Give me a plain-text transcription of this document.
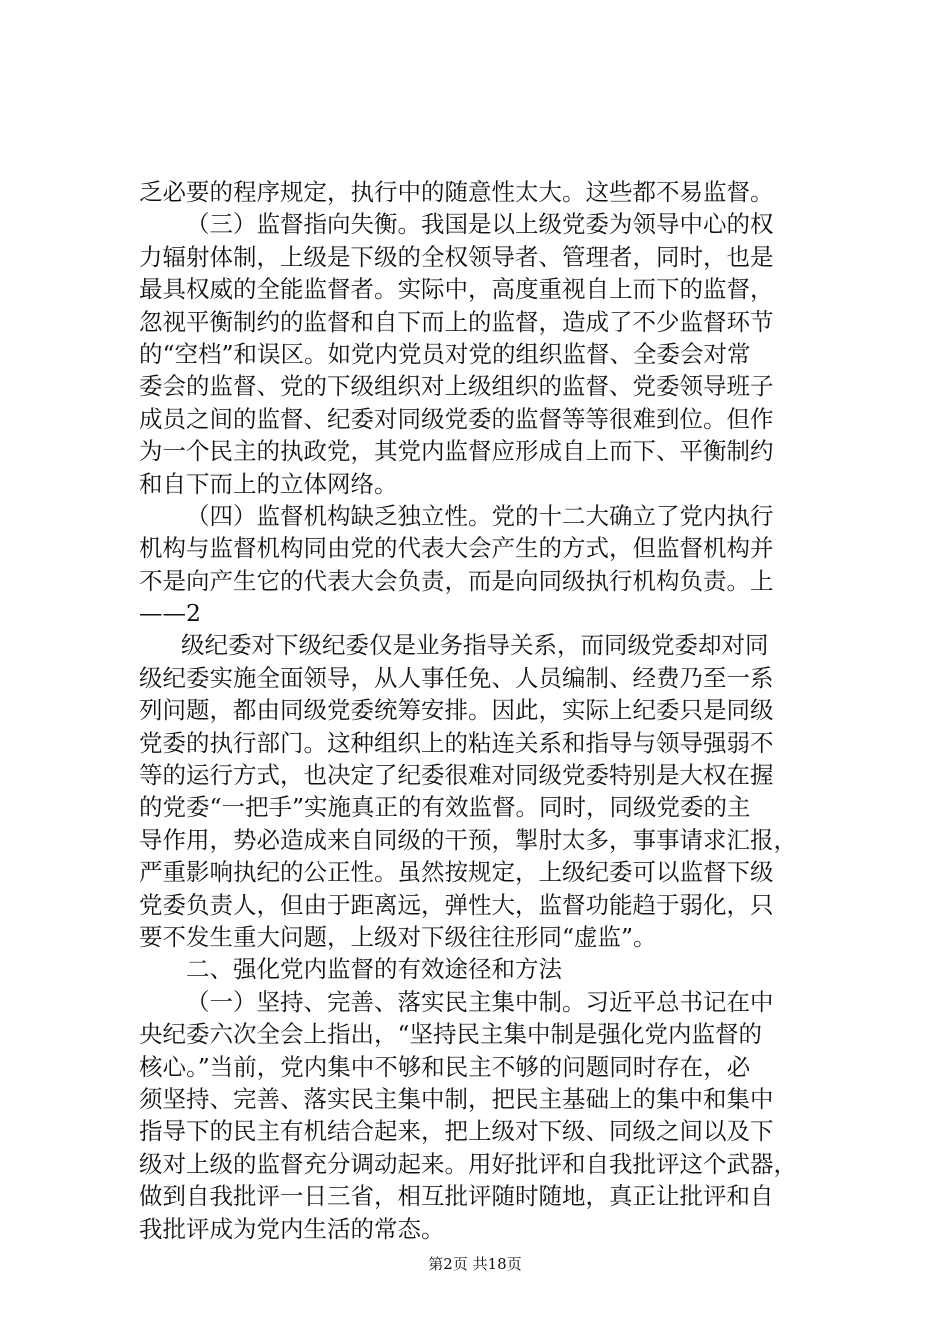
乏必要的程序规定，执行中的随意性太大。这些都不易监督。
（三）监督指向失衡。我国是以上级党委为领导中心的权
力辐射体制，上级是下级的全权领导者、管理者，同时，也是
最具权威的全能监督者。实际中，高度重视自上而下的监督，
忽视平衡制约的监督和自下而上的监督，造成了不少监督环节
的“空档”和误区。如党内党员对党的组织监督、全委会对常
委会的监督、党的下级组织对上级组织的监督、党委领导班子
成员之间的监督、纪委对同级党委的监督等等很难到位。但作
为一个民主的执政党，其党内监督应形成自上而下、平衡制约
和自下而上的立体网络。
（四）监督机构缺乏独立性。党的十二大确立了党内执行
机构与监督机构同由党的代表大会产生的方式，但监督机构并
不是向产生它的代表大会负责，而是向同级执行机构负责。上
——2
级纪委对下级纪委仅是业务指导关系，而同级党委却对同
级纪委实施全面领导，从人事任免、人员编制、经费乃至一系
列问题，都由同级党委统筹安排。因此，实际上纪委只是同级
党委的执行部门。这种组织上的粘连关系和指导与领导强弱不
等的运行方式，也决定了纪委很难对同级党委特别是大权在握
的党委“一把手”实施真正的有效监督。同时，同级党委的主
导作用，势必造成来自同级的干预，掣肘太多，事事请求汇报，
严重影响执纪的公正性。虽然按规定，上级纪委可以监督下级
党委负责人，但由于距离远，弹性大，监督功能趋于弱化，只
要不发生重大问题，上级对下级往往形同“虚监”。
二、强化党内监督的有效途径和方法
（一）坚持、完善、落实民主集中制。习近平总书记在中
央纪委六次全会上指出，“坚持民主集中制是强化党内监督的
核心。”当前，党内集中不够和民主不够的问题同时存在，必
须坚持、完善、落实民主集中制，把民主基础上的集中和集中
指导下的民主有机结合起来，把上级对下级、同级之间以及下
级对上级的监督充分调动起来。用好批评和自我批评这个武器，
做到自我批评一日三省，相互批评随时随地，真正让批评和自
我批评成为党内生活的常态。
第2页 共18页
